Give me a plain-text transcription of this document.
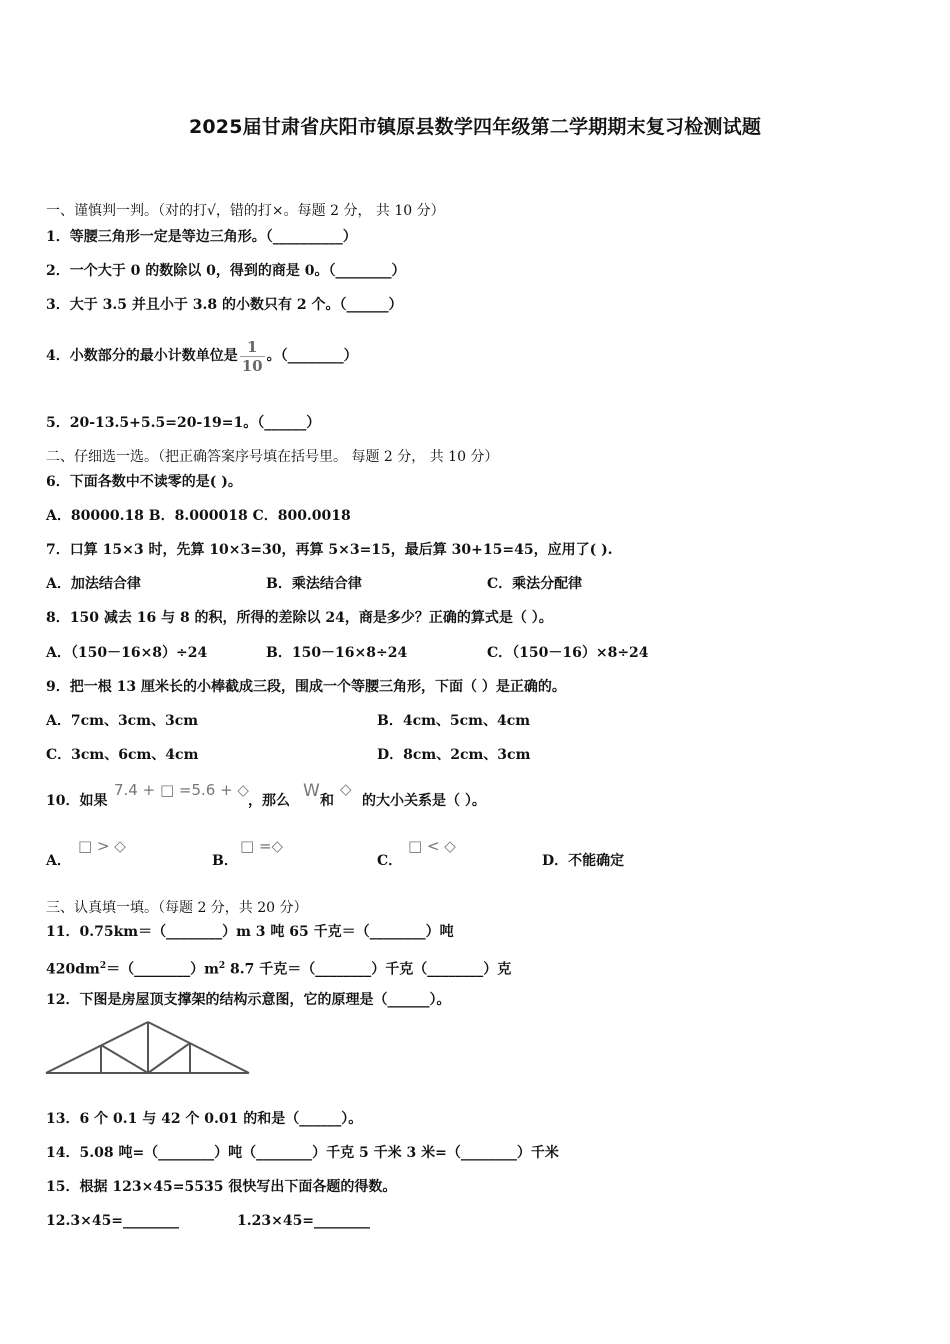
2025届甘肃省庆阳市镇原县数学四年级第二学期期末复习检测试题
一、谨慎判一判。（对的打√，错的打×。每题 2 分， 共 10 分）
1．等腰三角形一定是等边三角形。（__________）
2．一个大于 0 的数除以 0，得到的商是 0。（________）
3．大于 3.5 并且小于 3.8 的小数只有 2 个。（______）
4．小数部分的最小计数单位是 $\frac{1}{10}$ 。（________）
5．20-13.5+5.5=20-19=1。（______）
二、仔细选一选。（把正确答案序号填在括号里。 每题 2 分， 共 10 分）
6．下面各数中不读零的是( )。
A．80000.18 B．8.000018 C．800.0018
7．口算 15×3 时，先算 10×3=30，再算 5×3=15，最后算 30+15=45，应用了( ).
A．加法结合律	B．乘法结合律	C．乘法分配律
8．150 减去 16 与 8 的积，所得的差除以 24，商是多少？正确的算式是（ ）。
A．（150－16×8）÷24	B．150－16×8÷24	C．（150－16）×8÷24
9．把一根 13 厘米长的小棒截成三段，围成一个等腰三角形，下面（ ）是正确的。
A．7cm、3cm、3cm	B．4cm、5cm、4cm
C．3cm、6cm、4cm	D．8cm、2cm、3cm
10．如果
7.4 + □ =5.6 + ◇
，那么 W 和
◇
的大小关系是（ ）。
A．
□ > ◇
B．
□ =◇
C．
□ < ◇
D．不能确定
三、认真填一填。（每题 2 分，共 20 分）
11．0.75km＝（________）m 3 吨 65 千克＝（________）吨
$420dm^2=(\_\_\_\_\_\_\_\_)m^2$ 8.7 千克＝（________）千克（________）克
12．下图是房屋顶支撑架的结构示意图，它的原理是（______）。
13．6 个 0.1 与 42 个 0.01 的和是（______）。
14．5.08 吨=（________）吨（________）千克 5 千米 3 米=（________）千米
15．根据 123×45=5535 很快写出下面各题的得数。
12.3×45=________	1.23×45=________
